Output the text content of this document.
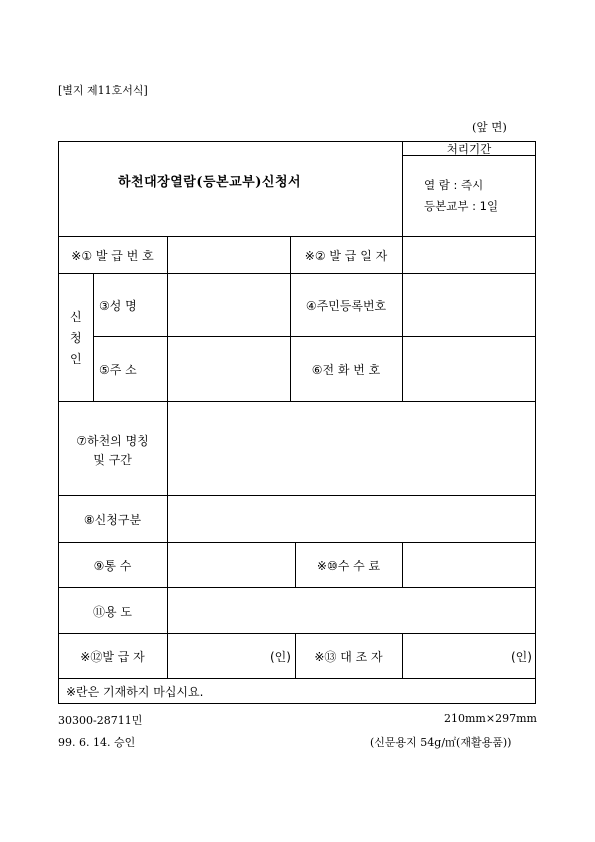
[별지 제11호서식]
(앞 면)
하천대장열람(등본교부)신청서
처리기간
열 람 : 즉시
등본교부 : 1일
※① 발 급 번 호	※② 발 급 일 자
신
청
인
③성 명	④주민등록번호
⑤주 소	⑥전 화 번 호
⑦하천의 명칭
및 구간
⑧신청구분
⑨통 수	※⑩수 수 료
⑪용 도
※⑫발 급 자	(인)	※⑬ 대 조 자	(인)
※란은 기재하지 마십시요.
30300-28711민
99. 6. 14. 승인
210mm×297mm
(신문용지 54g/㎡(재활용품))
